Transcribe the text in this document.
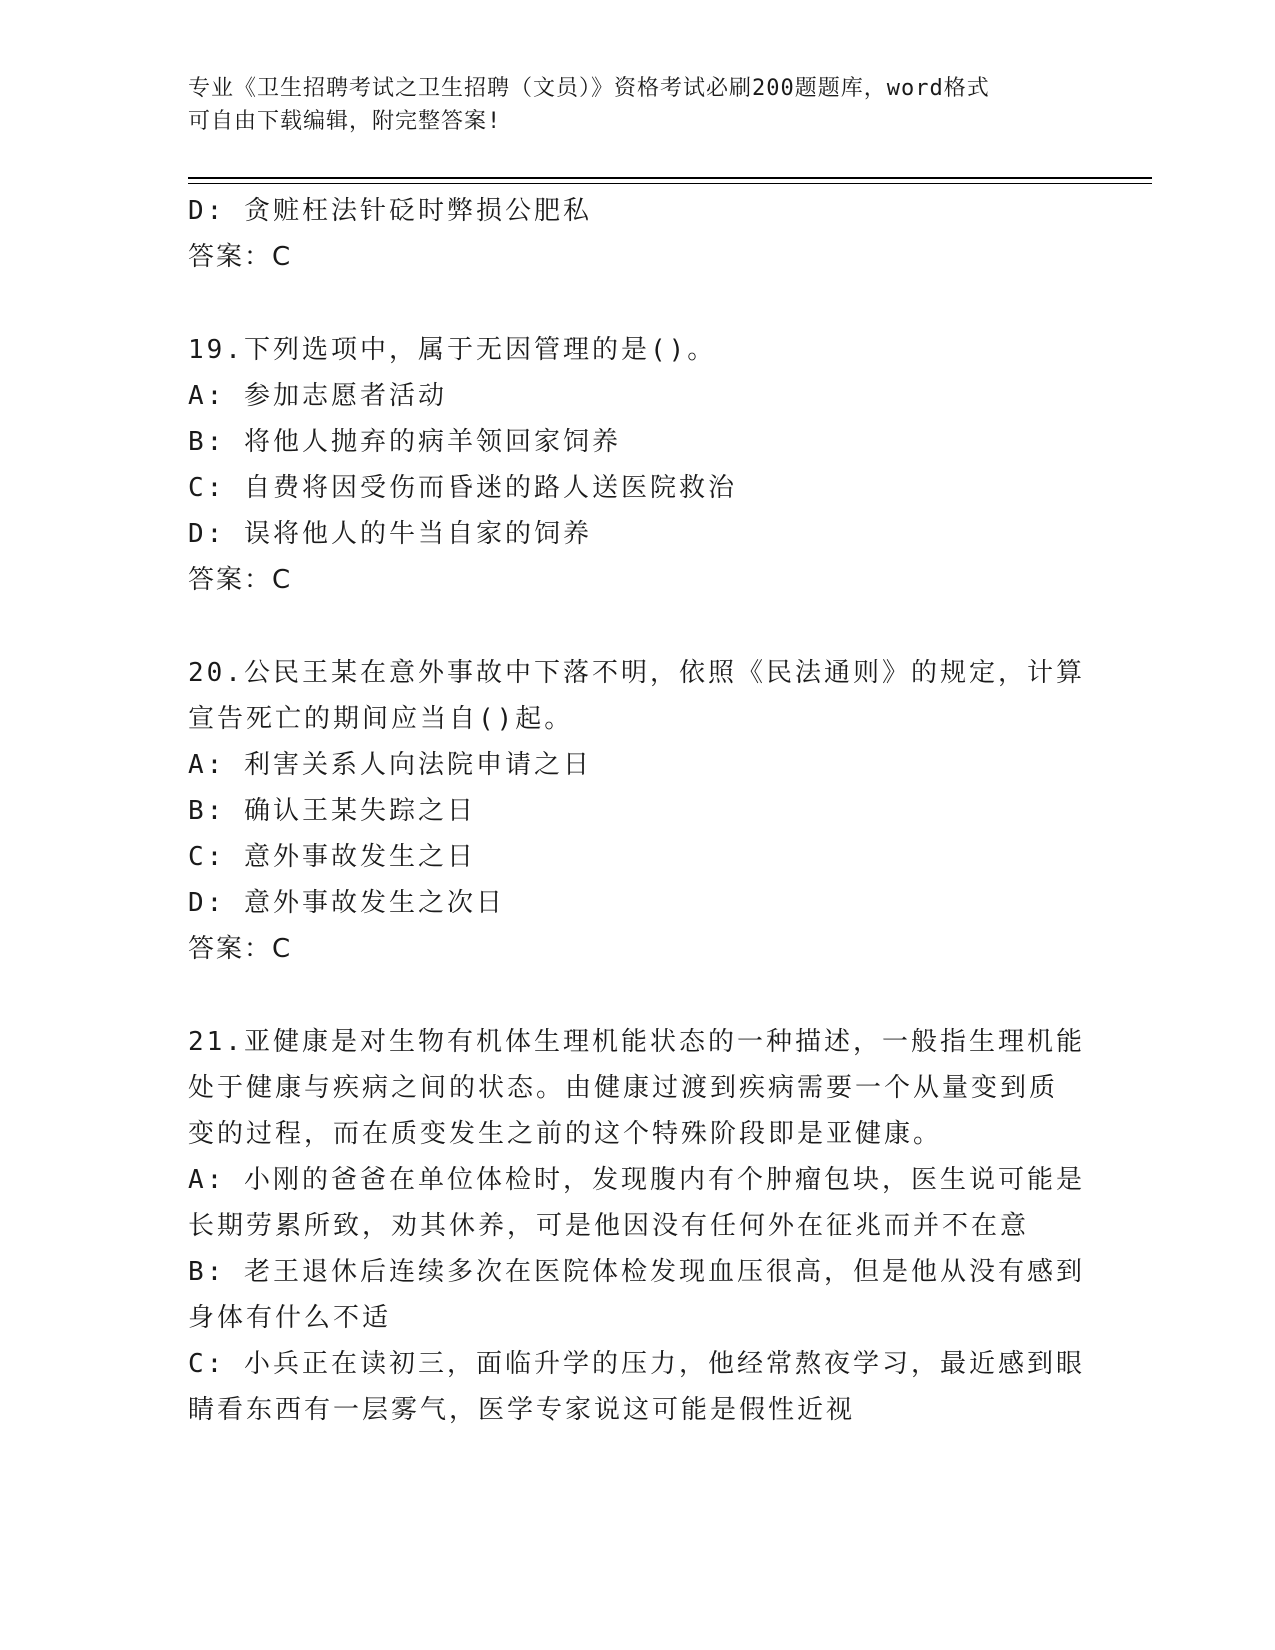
专业《卫生招聘考试之卫生招聘（文员）》资格考试必刷200题题库，word格式
可自由下载编辑，附完整答案!
D: 贪赃枉法针砭时弊损公肥私
答案：C
19.下列选项中，属于无因管理的是()。
A: 参加志愿者活动
B: 将他人抛弃的病羊领回家饲养
C: 自费将因受伤而昏迷的路人送医院救治
D: 误将他人的牛当自家的饲养
答案：C
20.公民王某在意外事故中下落不明，依照《民法通则》的规定，计算
宣告死亡的期间应当自()起。
A: 利害关系人向法院申请之日
B: 确认王某失踪之日
C: 意外事故发生之日
D: 意外事故发生之次日
答案：C
21.亚健康是对生物有机体生理机能状态的一种描述，一般指生理机能
处于健康与疾病之间的状态。由健康过渡到疾病需要一个从量变到质
变的过程，而在质变发生之前的这个特殊阶段即是亚健康。
A: 小刚的爸爸在单位体检时，发现腹内有个肿瘤包块，医生说可能是
长期劳累所致，劝其休养，可是他因没有任何外在征兆而并不在意
B: 老王退休后连续多次在医院体检发现血压很高，但是他从没有感到
身体有什么不适
C: 小兵正在读初三，面临升学的压力，他经常熬夜学习，最近感到眼
睛看东西有一层雾气，医学专家说这可能是假性近视
